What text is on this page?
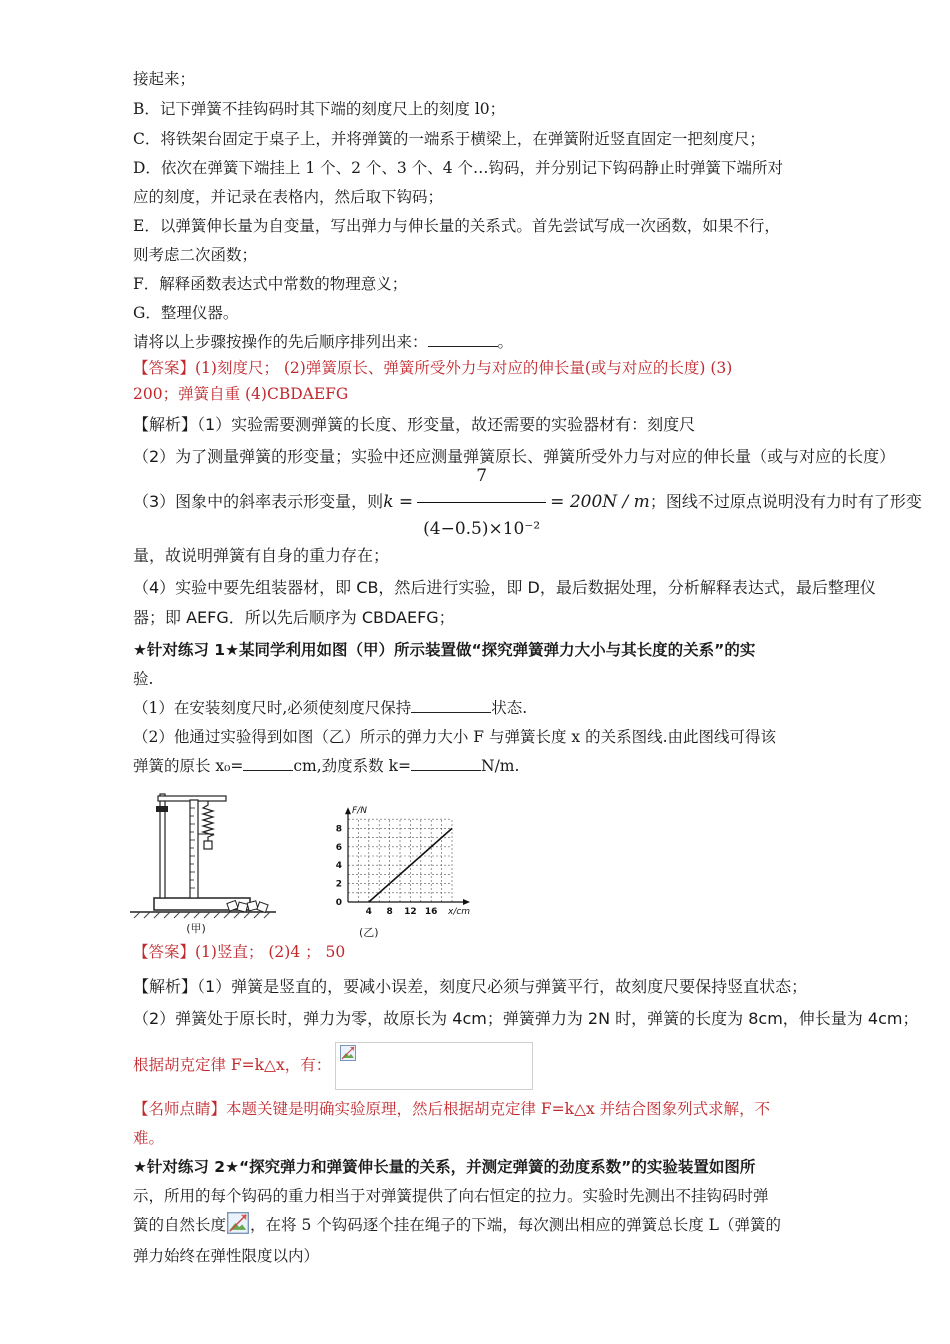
接起来；
B．记下弹簧不挂钩码时其下端的刻度尺上的刻度 l0；
C．将铁架台固定于桌子上，并将弹簧的一端系于横梁上，在弹簧附近竖直固定一把刻度尺；
D．依次在弹簧下端挂上 1 个、2 个、3 个、4 个…钩码，并分别记下钩码静止时弹簧下端所对
应的刻度，并记录在表格内，然后取下钩码；
E．以弹簧伸长量为自变量，写出弹力与伸长量的关系式。首先尝试写成一次函数，如果不行，
则考虑二次函数；
F．解释函数表达式中常数的物理意义；
G．整理仪器。
请将以上步骤按操作的先后顺序排列出来：	。
【答案】(1)刻度尺； (2)弹簧原长、弹簧所受外力与对应的伸长量(或与对应的长度) (3)
200；弹簧自重 (4)CBDAEFG
【解析】（1）实验需要测弹簧的长度、形变量，故还需要的实验器材有：刻度尺
（2）为了测量弹簧的形变量；实验中还应测量弹簧原长、弹簧所受外力与对应的伸长量（或与对应的长度）
（3）图象中的斜率表示形变量，则 $k = \frac{7}{\text{(4−0.5)×10⁻²}} = 200N / m$ ；图线不过原点说明没有力时有了形变
量，故说明弹簧有自身的重力存在；
（4）实验中要先组装器材，即 CB，然后进行实验，即 D，最后数据处理，分析解释表达式，最后整理仪
器；即 AEFG．所以先后顺序为 CBDAEFG；
★针对练习 1★某同学利用如图（甲）所示装置做“探究弹簧弹力大小与其长度的关系”的实
验.
（1）在安装刻度尺时,必须使刻度尺保持	状态.
（2）他通过实验得到如图（乙）所示的弹力大小 F 与弹簧长度 x 的关系图线.由此图线可得该
弹簧的原长 x₀=	cm,劲度系数 k=	N/m.
(甲)
F/N
x/cm
4 8 12 16
0
2
4
6
8
(乙)
【答案】(1)竖直； (2)4 ； 50
【解析】（1）弹簧是竖直的，要减小误差，刻度尺必须与弹簧平行，故刻度尺要保持竖直状态；
（2）弹簧处于原长时，弹力为零，故原长为 4cm；弹簧弹力为 2N 时，弹簧的长度为 8cm，伸长量为 4cm；
根据胡克定律 F=k△x，有：
【名师点睛】本题关键是明确实验原理，然后根据胡克定律 F=k△x 并结合图象列式求解，不
难。
★针对练习 2★“探究弹力和弹簧伸长量的关系，并测定弹簧的劲度系数”的实验装置如图所
示，所用的每个钩码的重力相当于对弹簧提供了向右恒定的拉力。实验时先测出不挂钩码时弹
簧的自然长度 ，在将 5 个钩码逐个挂在绳子的下端，每次测出相应的弹簧总长度 L（弹簧的
弹力始终在弹性限度以内）
